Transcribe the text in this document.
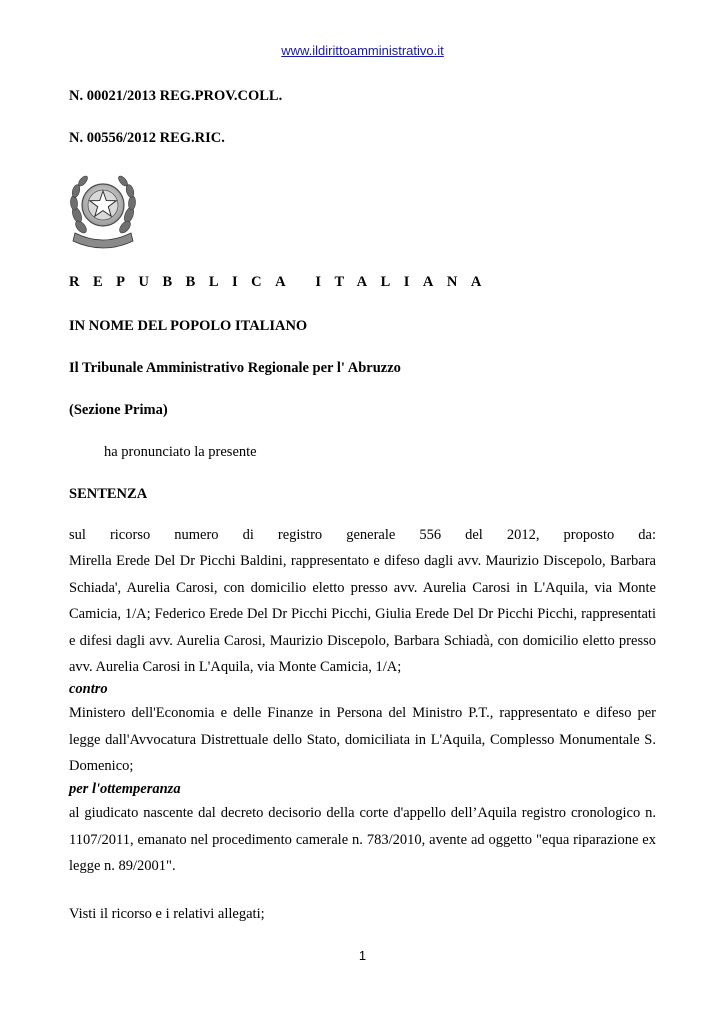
www.ildirittoamministrativo.it
N. 00021/2013 REG.PROV.COLL.
N. 00556/2012 REG.RIC.
REPUBBLICA ITALIANA
IN NOME DEL POPOLO ITALIANO
Il Tribunale Amministrativo Regionale per l' Abruzzo
(Sezione Prima)
ha pronunciato la presente
SENTENZA
sul ricorso numero di registro generale 556 del 2012, proposto da:
Mirella Erede Del Dr Picchi Baldini, rappresentato e difeso dagli avv. Maurizio Discepolo, Barbara Schiada', Aurelia Carosi, con domicilio eletto presso avv. Aurelia Carosi in L'Aquila, via Monte Camicia, 1/A; Federico Erede Del Dr Picchi Picchi, Giulia Erede Del Dr Picchi Picchi, rappresentati e difesi dagli avv. Aurelia Carosi, Maurizio Discepolo, Barbara Schiadà, con domicilio eletto presso avv. Aurelia Carosi in L'Aquila, via Monte Camicia, 1/A;
contro
Ministero dell'Economia e delle Finanze in Persona del Ministro P.T., rappresentato e difeso per legge dall'Avvocatura Distrettuale dello Stato, domiciliata in L'Aquila, Complesso Monumentale S. Domenico;
per l'ottemperanza
al giudicato nascente dal decreto decisorio della corte d'appello dell’Aquila registro cronologico n. 1107/2011, emanato nel procedimento camerale n. 783/2010, avente ad oggetto "equa riparazione ex legge n. 89/2001".
Visti il ricorso e i relativi allegati;
1
